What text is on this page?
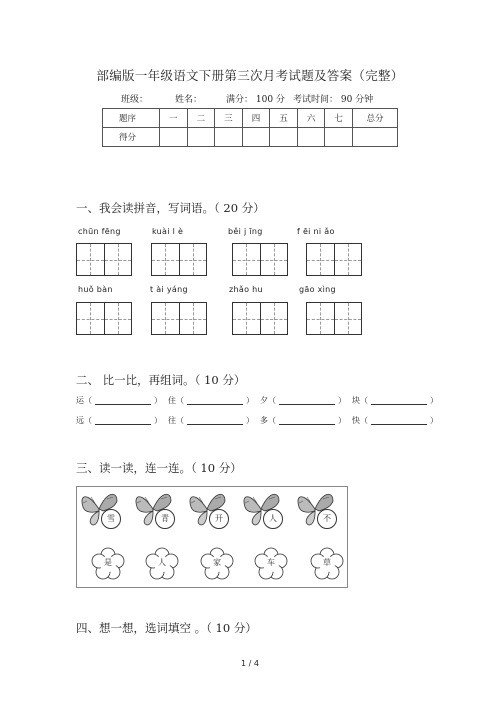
部编版一年级语文下册第三次月考试题及答案（完整）
班级：	姓名：	满分： 100 分 考试时间： 90 分钟
题序	一	二	三	四	五	六	七	总分
得分								
一、我会读拼音，写词语。（ 20 分）
chūn fēng	kuài l è	běi j īng	f ēi ni ǎo
huǒ bàn	t ài yáng	zhǎo hu	gāo xìng
二、 比一比，再组词。（ 10 分）
运（	） 住（	） 夕（	） 块（	）
远（	） 往（	） 多（	） 快（	）
三、读一读，连一连。（ 10 分）
雪	青	开	人	不
是	人	家	车	草
四、想一想，选词填空 。（ 10 分）
1 / 4
